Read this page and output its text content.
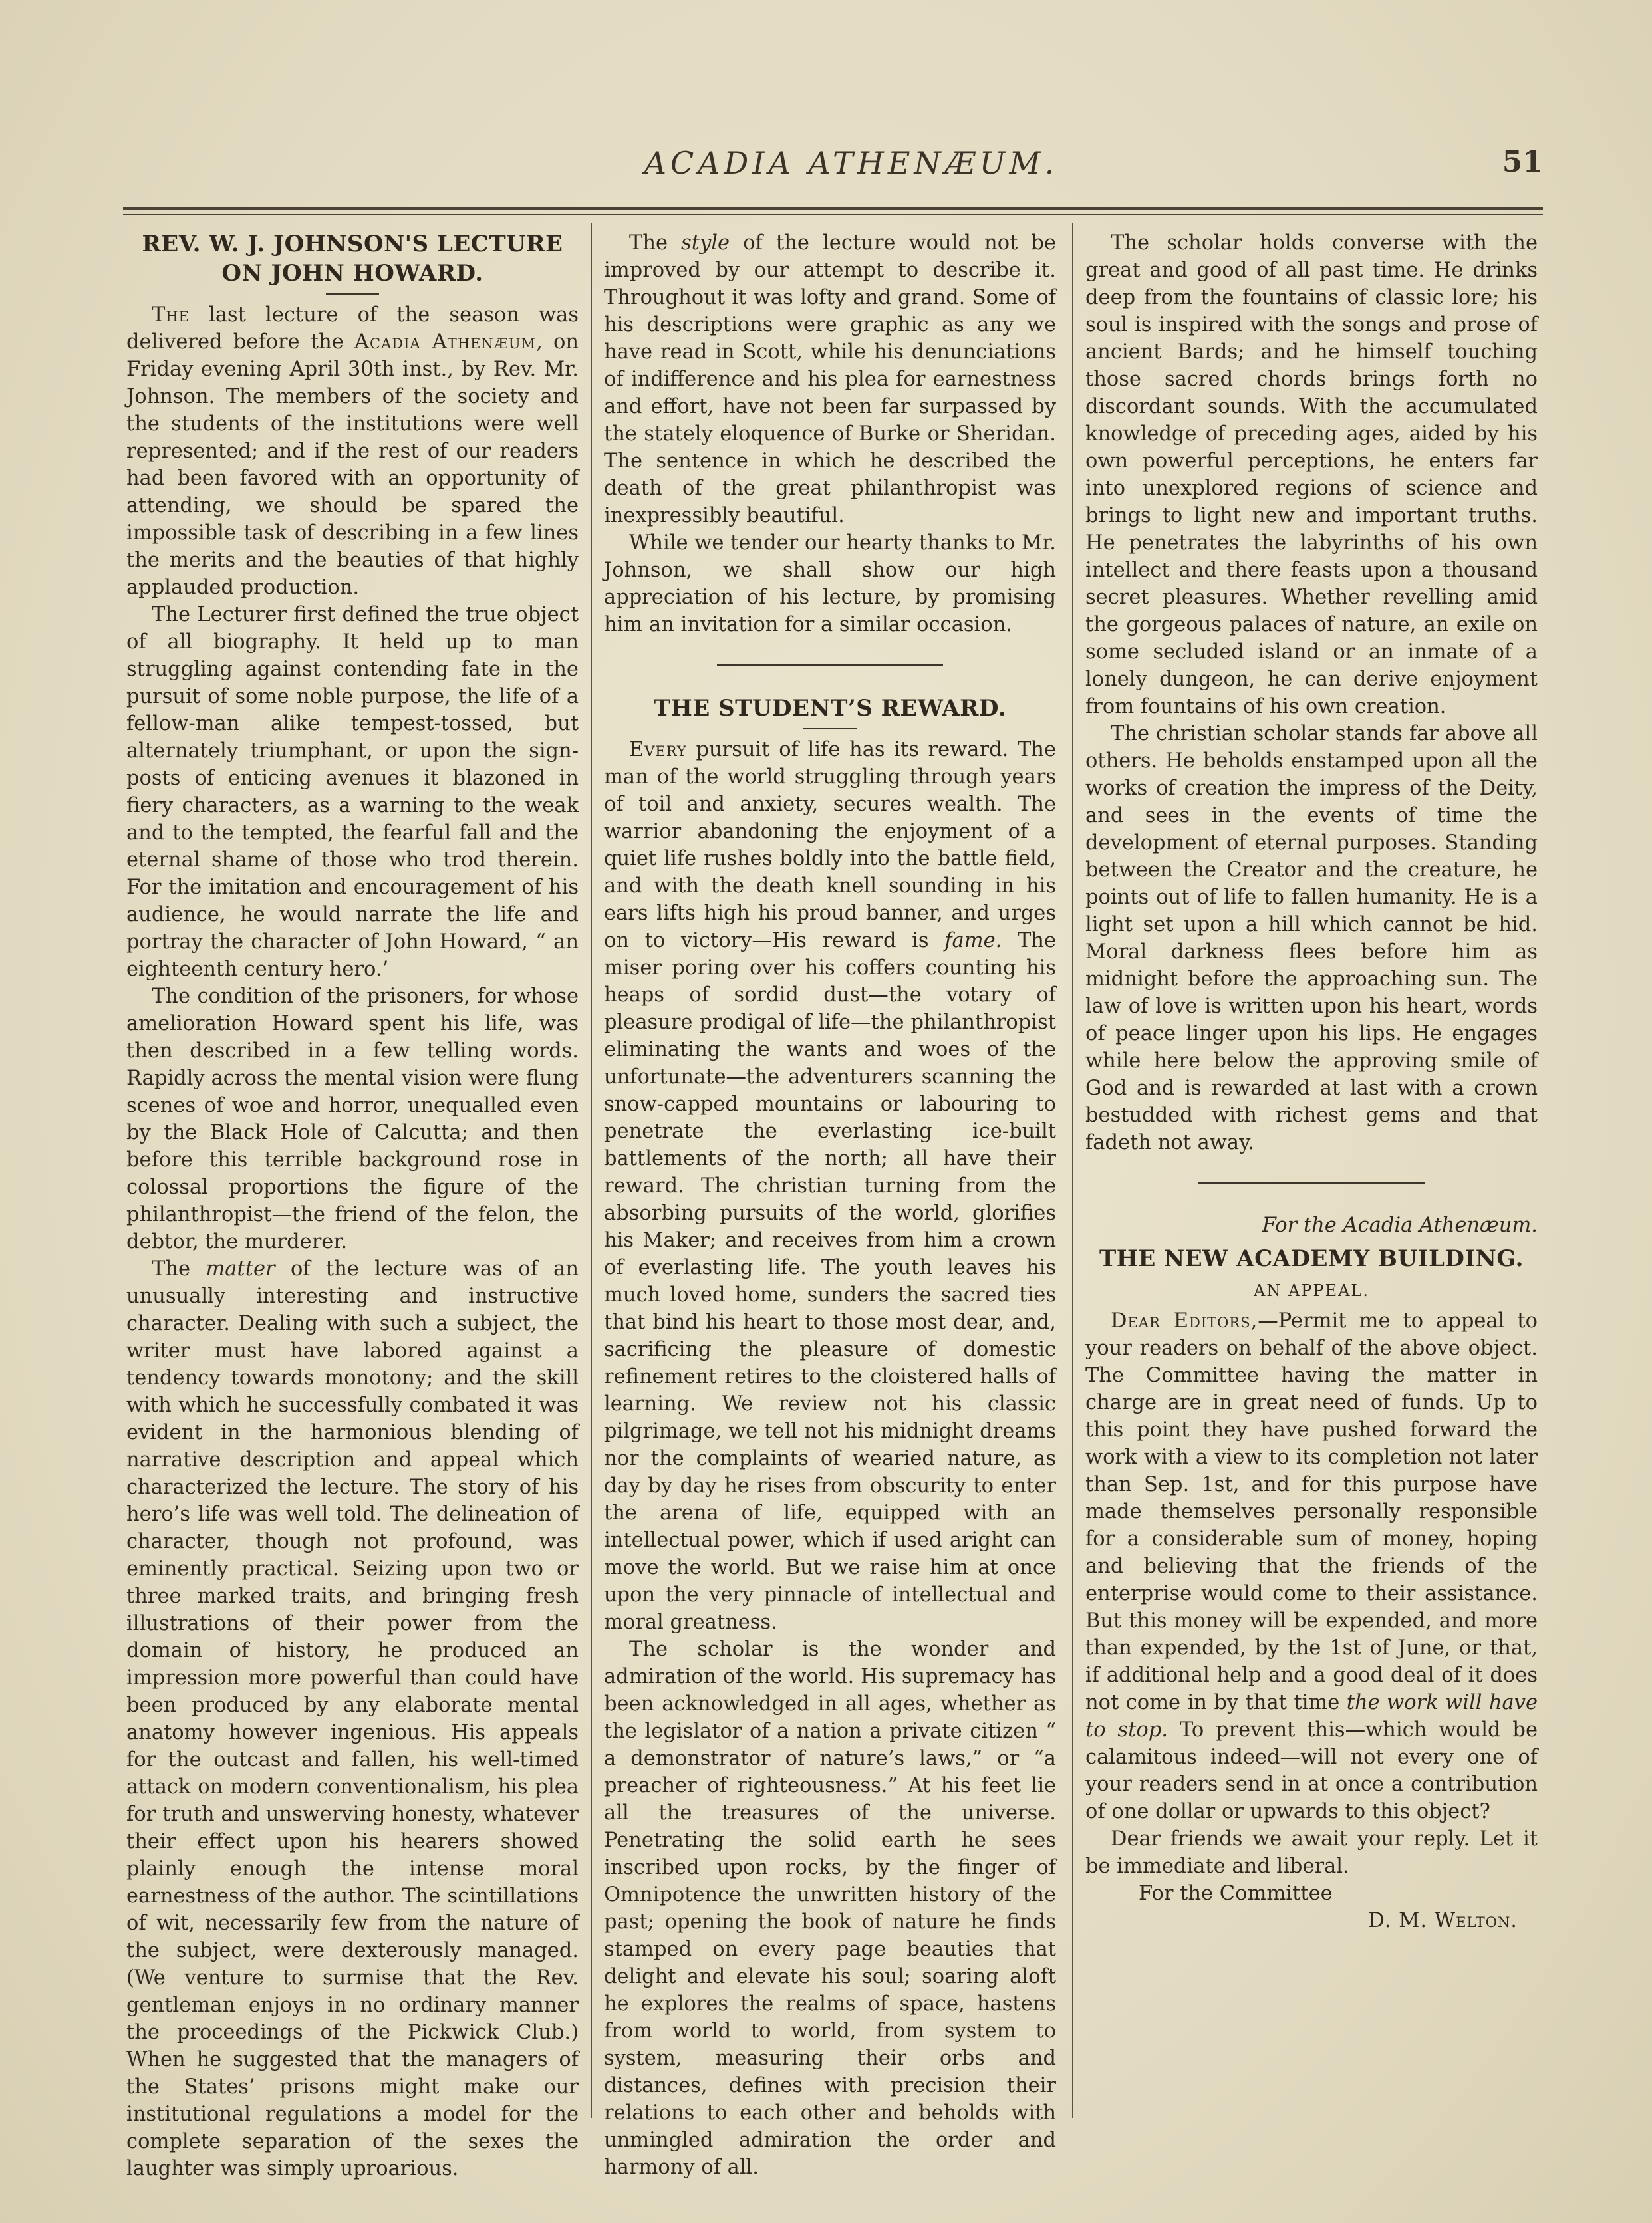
ACADIA ATHENÆUM.	51
REV. W. J. JOHNSON'S LECTURE ON JOHN HOWARD.

The last lecture of the season was delivered before the Acadia Athenæum, on Friday evening April 30th inst., by Rev. Mr. Johnson. The members of the society and the students of the institutions were well represented; and if the rest of our readers had been favored with an opportunity of attending, we should be spared the impossible task of describing in a few lines the merits and the beauties of that highly applauded production.

The Lecturer first defined the true object of all biography. It held up to man struggling against contending fate in the pursuit of some noble purpose, the life of a fellow-man alike tempest-tossed, but alternately triumphant, or upon the sign-posts of enticing avenues it blazoned in fiery characters, as a warning to the weak and to the tempted, the fearful fall and the eternal shame of those who trod therein. For the imitation and encouragement of his audience, he would narrate the life and portray the character of John Howard, “ an eighteenth century hero.’

The condition of the prisoners, for whose amelioration Howard spent his life, was then described in a few telling words. Rapidly across the mental vision were flung scenes of woe and horror, unequalled even by the Black Hole of Calcutta; and then before this terrible background rose in colossal proportions the figure of the philanthropist—the friend of the felon, the debtor, the murderer.

The matter of the lecture was of an unusually interesting and instructive character. Dealing with such a subject, the writer must have labored against a tendency towards monotony; and the skill with which he successfully combated it was evident in the harmonious blending of narrative description and appeal which characterized the lecture. The story of his hero’s life was well told. The delineation of character, though not profound, was eminently practical. Seizing upon two or three marked traits, and bringing fresh illustrations of their power from the domain of history, he produced an impression more powerful than could have been produced by any elaborate mental anatomy however ingenious. His appeals for the outcast and fallen, his well-timed attack on modern conventionalism, his plea for truth and unswerving honesty, whatever their effect upon his hearers showed plainly enough the intense moral earnestness of the author. The scintillations of wit, necessarily few from the nature of the subject, were dexterously managed. (We venture to surmise that the Rev. gentleman enjoys in no ordinary manner the proceedings of the Pickwick Club.) When he suggested that the managers of the States’ prisons might make our institutional regulations a model for the complete separation of the sexes the laughter was simply uproarious.

The style of the lecture would not be improved by our attempt to describe it. Throughout it was lofty and grand. Some of his descriptions were graphic as any we have read in Scott, while his denunciations of indifference and his plea for earnestness and effort, have not been far surpassed by the stately eloquence of Burke or Sheridan. The sentence in which he described the death of the great philanthropist was inexpressibly beautiful.

While we tender our hearty thanks to Mr. Johnson, we shall show our high appreciation of his lecture, by promising him an invitation for a similar occasion.

THE STUDENT’S REWARD.

Every pursuit of life has its reward. The man of the world struggling through years of toil and anxiety, secures wealth. The warrior abandoning the enjoyment of a quiet life rushes boldly into the battle field, and with the death knell sounding in his ears lifts high his proud banner, and urges on to victory—His reward is fame. The miser poring over his coffers counting his heaps of sordid dust—the votary of pleasure prodigal of life—the philanthropist eliminating the wants and woes of the unfortunate—the adventurers scanning the snow-capped mountains or labouring to penetrate the everlasting ice-built battlements of the north; all have their reward. The christian turning from the absorbing pursuits of the world, glorifies his Maker; and receives from him a crown of everlasting life. The youth leaves his much loved home, sunders the sacred ties that bind his heart to those most dear, and, sacrificing the pleasure of domestic refinement retires to the cloistered halls of learning. We review not his classic pilgrimage, we tell not his midnight dreams nor the complaints of wearied nature, as day by day he rises from obscurity to enter the arena of life, equipped with an intellectual power, which if used aright can move the world. But we raise him at once upon the very pinnacle of intellectual and moral greatness.

The scholar is the wonder and admiration of the world. His supremacy has been acknowledged in all ages, whether as the legislator of a nation a private citizen “ a demonstrator of nature’s laws,” or “a preacher of righteousness.” At his feet lie all the treasures of the universe. Penetrating the solid earth he sees inscribed upon rocks, by the finger of Omnipotence the unwritten history of the past; opening the book of nature he finds stamped on every page beauties that delight and elevate his soul; soaring aloft he explores the realms of space, hastens from world to world, from system to system, measuring their orbs and distances, defines with precision their relations to each other and beholds with unmingled admiration the order and harmony of all.

The scholar holds converse with the great and good of all past time. He drinks deep from the fountains of classic lore; his soul is inspired with the songs and prose of ancient Bards; and he himself touching those sacred chords brings forth no discordant sounds. With the accumulated knowledge of preceding ages, aided by his own powerful perceptions, he enters far into unexplored regions of science and brings to light new and important truths. He penetrates the labyrinths of his own intellect and there feasts upon a thousand secret pleasures. Whether revelling amid the gorgeous palaces of nature, an exile on some secluded island or an inmate of a lonely dungeon, he can derive enjoyment from fountains of his own creation.

The christian scholar stands far above all others. He beholds enstamped upon all the works of creation the impress of the Deity, and sees in the events of time the development of eternal purposes. Standing between the Creator and the creature, he points out of life to fallen humanity. He is a light set upon a hill which cannot be hid. Moral darkness flees before him as midnight before the approaching sun. The law of love is written upon his heart, words of peace linger upon his lips. He engages while here below the approving smile of God and is rewarded at last with a crown bestudded with richest gems and that fadeth not away.

For the Acadia Athenæum.

THE NEW ACADEMY BUILDING.

AN APPEAL.

Dear Editors,—Permit me to appeal to your readers on behalf of the above object. The Committee having the matter in charge are in great need of funds. Up to this point they have pushed forward the work with a view to its completion not later than Sep. 1st, and for this purpose have made themselves personally responsible for a considerable sum of money, hoping and believing that the friends of the enterprise would come to their assistance. But this money will be expended, and more than expended, by the 1st of June, or that, if additional help and a good deal of it does not come in by that time the work will have to stop. To prevent this—which would be calamitous indeed—will not every one of your readers send in at once a contribution of one dollar or upwards to this object?

Dear friends we await your reply. Let it be immediate and liberal.

For the Committee

D. M. Welton.
